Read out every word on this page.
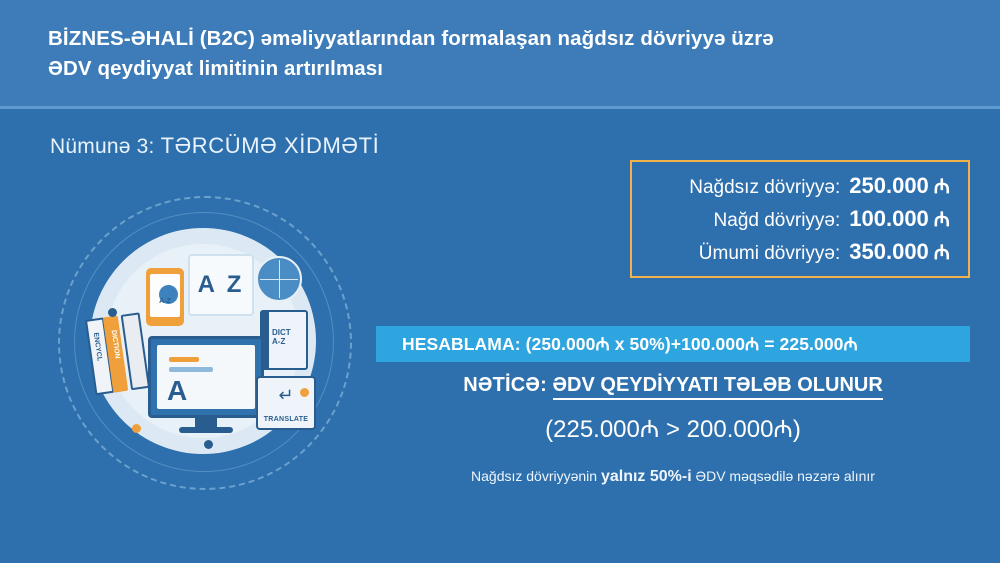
BİZNES-ƏHALİ (B2C) əməliyyatlarından formalaşan nağdsız dövriyyə üzrə
ƏDV qeydiyyat limitinin artırılması
Nümunə 3: TƏRCÜMƏ XİDMƏTİ
A-Z
A Z
DICT
A-Z
ENCYCL DICTION
A	↵
TRANSLATE
Nağdsız dövriyyə: 250.000 ₼
Nağd dövriyyə: 100.000 ₼
Ümumi dövriyyə: 350.000 ₼
HESABLAMA: (250.000₼ x 50%)+100.000₼ = 225.000₼
NƏTİCƏ: ƏDV QEYDİYYATI TƏLƏB OLUNUR
(225.000₼ > 200.000₼)
Nağdsız dövriyyənin yalnız 50%-i ƏDV məqsədilə nəzərə alınır
